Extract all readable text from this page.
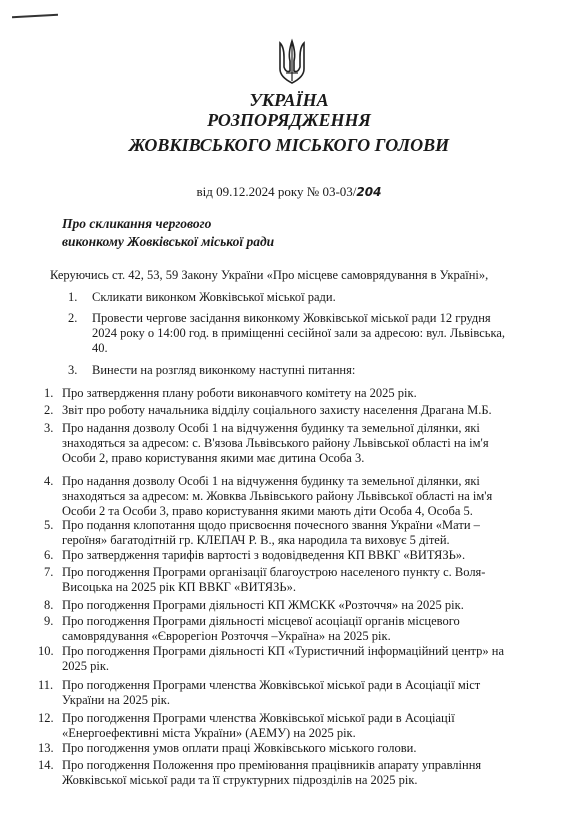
УКРАЇНА
РОЗПОРЯДЖЕННЯ
ЖОВКІВСЬКОГО МІСЬКОГО ГОЛОВИ
від 09.12.2024 року № 03-03/204
Про скликання чергового
виконкому Жовківської міської ради
Керуючись ст. 42, 53, 59 Закону України «Про місцеве самоврядування в Україні»,
1. Скликати виконком Жовківської міської ради.
2. Провести чергове засідання виконкому Жовківської міської ради 12 грудня
2024 року о 14:00 год. в приміщенні сесійної зали за адресою: вул. Львівська,
40.
3. Винести на розгляд виконкому наступні питання:
1. Про затвердження плану роботи виконавчого комітету на 2025 рік.
2. Звіт про роботу начальника відділу соціального захисту населення Драгана М.Б.
3. Про надання дозволу Особі 1 на відчуження будинку та земельної ділянки, які
знаходяться за адресом: с. В'язова Львівського району Львівської області на ім'я
Особи 2, право користування якими має дитина Особа 3.
4. Про надання дозволу Особі 1 на відчуження будинку та земельної ділянки, які
знаходяться за адресом: м. Жовква Львівського району Львівської області на ім'я
Особи 2 та Особи 3, право користування якими мають діти Особа 4, Особа 5.
5. Про подання клопотання щодо присвоєння почесного звання України «Мати –
героїня» багатодітній гр. КЛЕПАЧ Р. В., яка народила та виховує 5 дітей.
6. Про затвердження тарифів вартості з водовідведення КП ВВКГ «ВИТЯЗЬ».
7. Про погодження Програми організації благоустрою населеного пункту с. Воля-
Висоцька на 2025 рік КП ВВКГ «ВИТЯЗЬ».
8. Про погодження Програми діяльності КП ЖМСКК «Розточчя» на 2025 рік.
9. Про погодження Програми діяльності місцевої асоціації органів місцевого
самоврядування «Єврорегіон Розточчя –Україна» на 2025 рік.
10. Про погодження Програми діяльності КП «Туристичний інформаційний центр» на
2025 рік.
11. Про погодження Програми членства Жовківської міської ради в Асоціації міст
України на 2025 рік.
12. Про погодження Програми членства Жовківської міської ради в Асоціації
«Енергоефективні міста України» (АЕМУ) на 2025 рік.
13. Про погодження умов оплати праці Жовківського міського голови.
14. Про погодження Положення про преміювання працівників апарату управління
Жовківської міської ради та її структурних підрозділів на 2025 рік.
